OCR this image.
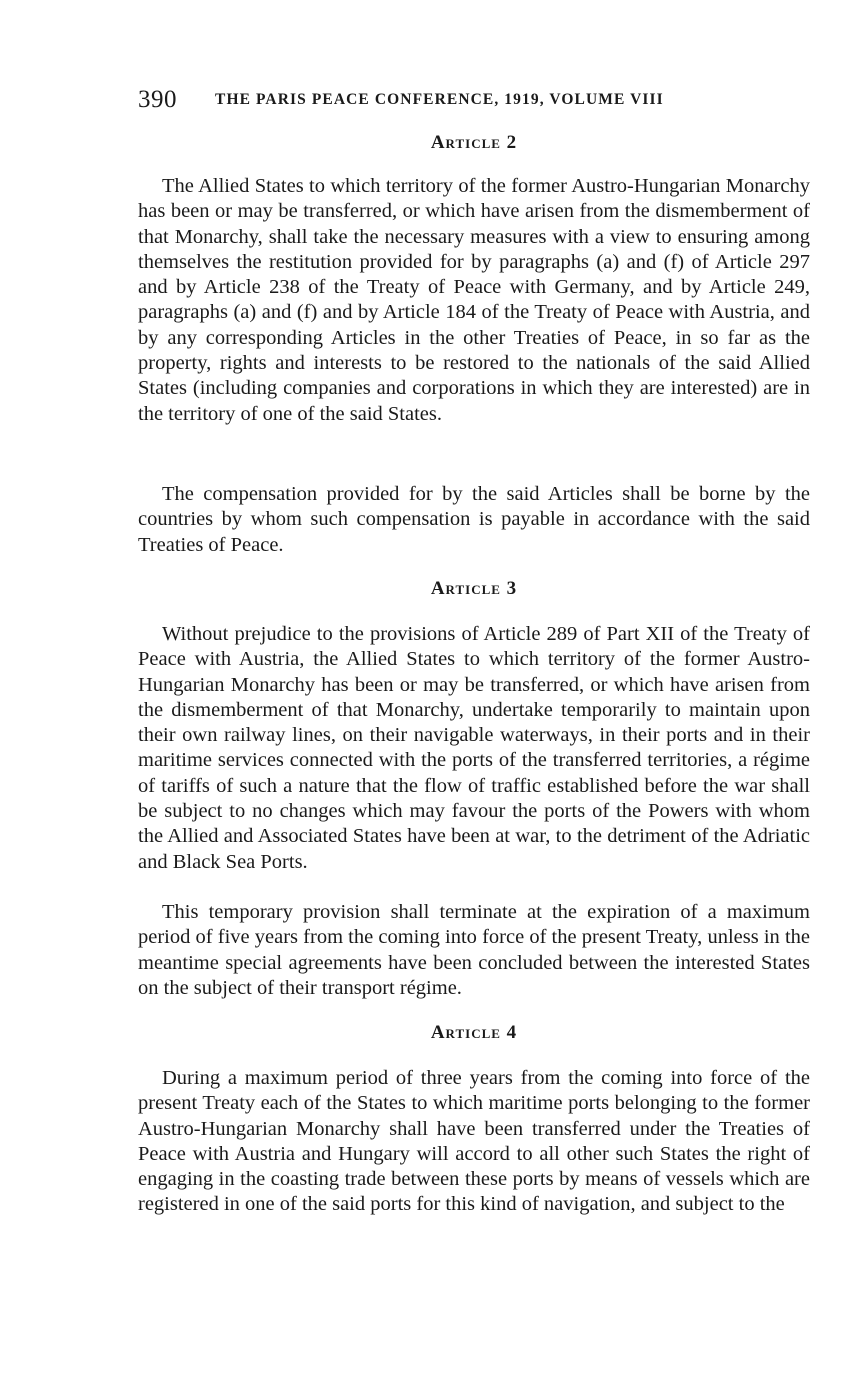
390 THE PARIS PEACE CONFERENCE, 1919, VOLUME VIII
Article 2

The Allied States to which territory of the former Austro-Hungarian Monarchy has been or may be transferred, or which have arisen from the dismemberment of that Monarchy, shall take the necessary measures with a view to ensuring among themselves the restitution provided for by paragraphs (a) and (f) of Article 297 and by Article 238 of the Treaty of Peace with Germany, and by Article 249, paragraphs (a) and (f) and by Article 184 of the Treaty of Peace with Austria, and by any corresponding Articles in the other Treaties of Peace, in so far as the property, rights and interests to be restored to the nationals of the said Allied States (including companies and corporations in which they are interested) are in the territory of one of the said States.

The compensation provided for by the said Articles shall be borne by the countries by whom such compensation is payable in accordance with the said Treaties of Peace.

Article 3

Without prejudice to the provisions of Article 289 of Part XII of the Treaty of Peace with Austria, the Allied States to which territory of the former Austro-Hungarian Monarchy has been or may be transferred, or which have arisen from the dismemberment of that Monarchy, undertake temporarily to maintain upon their own railway lines, on their navigable waterways, in their ports and in their maritime services connected with the ports of the transferred territories, a régime of tariffs of such a nature that the flow of traffic established before the war shall be subject to no changes which may favour the ports of the Powers with whom the Allied and Associated States have been at war, to the detriment of the Adriatic and Black Sea Ports.

This temporary provision shall terminate at the expiration of a maximum period of five years from the coming into force of the present Treaty, unless in the meantime special agreements have been concluded between the interested States on the subject of their transport régime.

Article 4

During a maximum period of three years from the coming into force of the present Treaty each of the States to which maritime ports belonging to the former Austro-Hungarian Monarchy shall have been transferred under the Treaties of Peace with Austria and Hungary will accord to all other such States the right of engaging in the coasting trade between these ports by means of vessels which are registered in one of the said ports for this kind of navigation, and subject to the
